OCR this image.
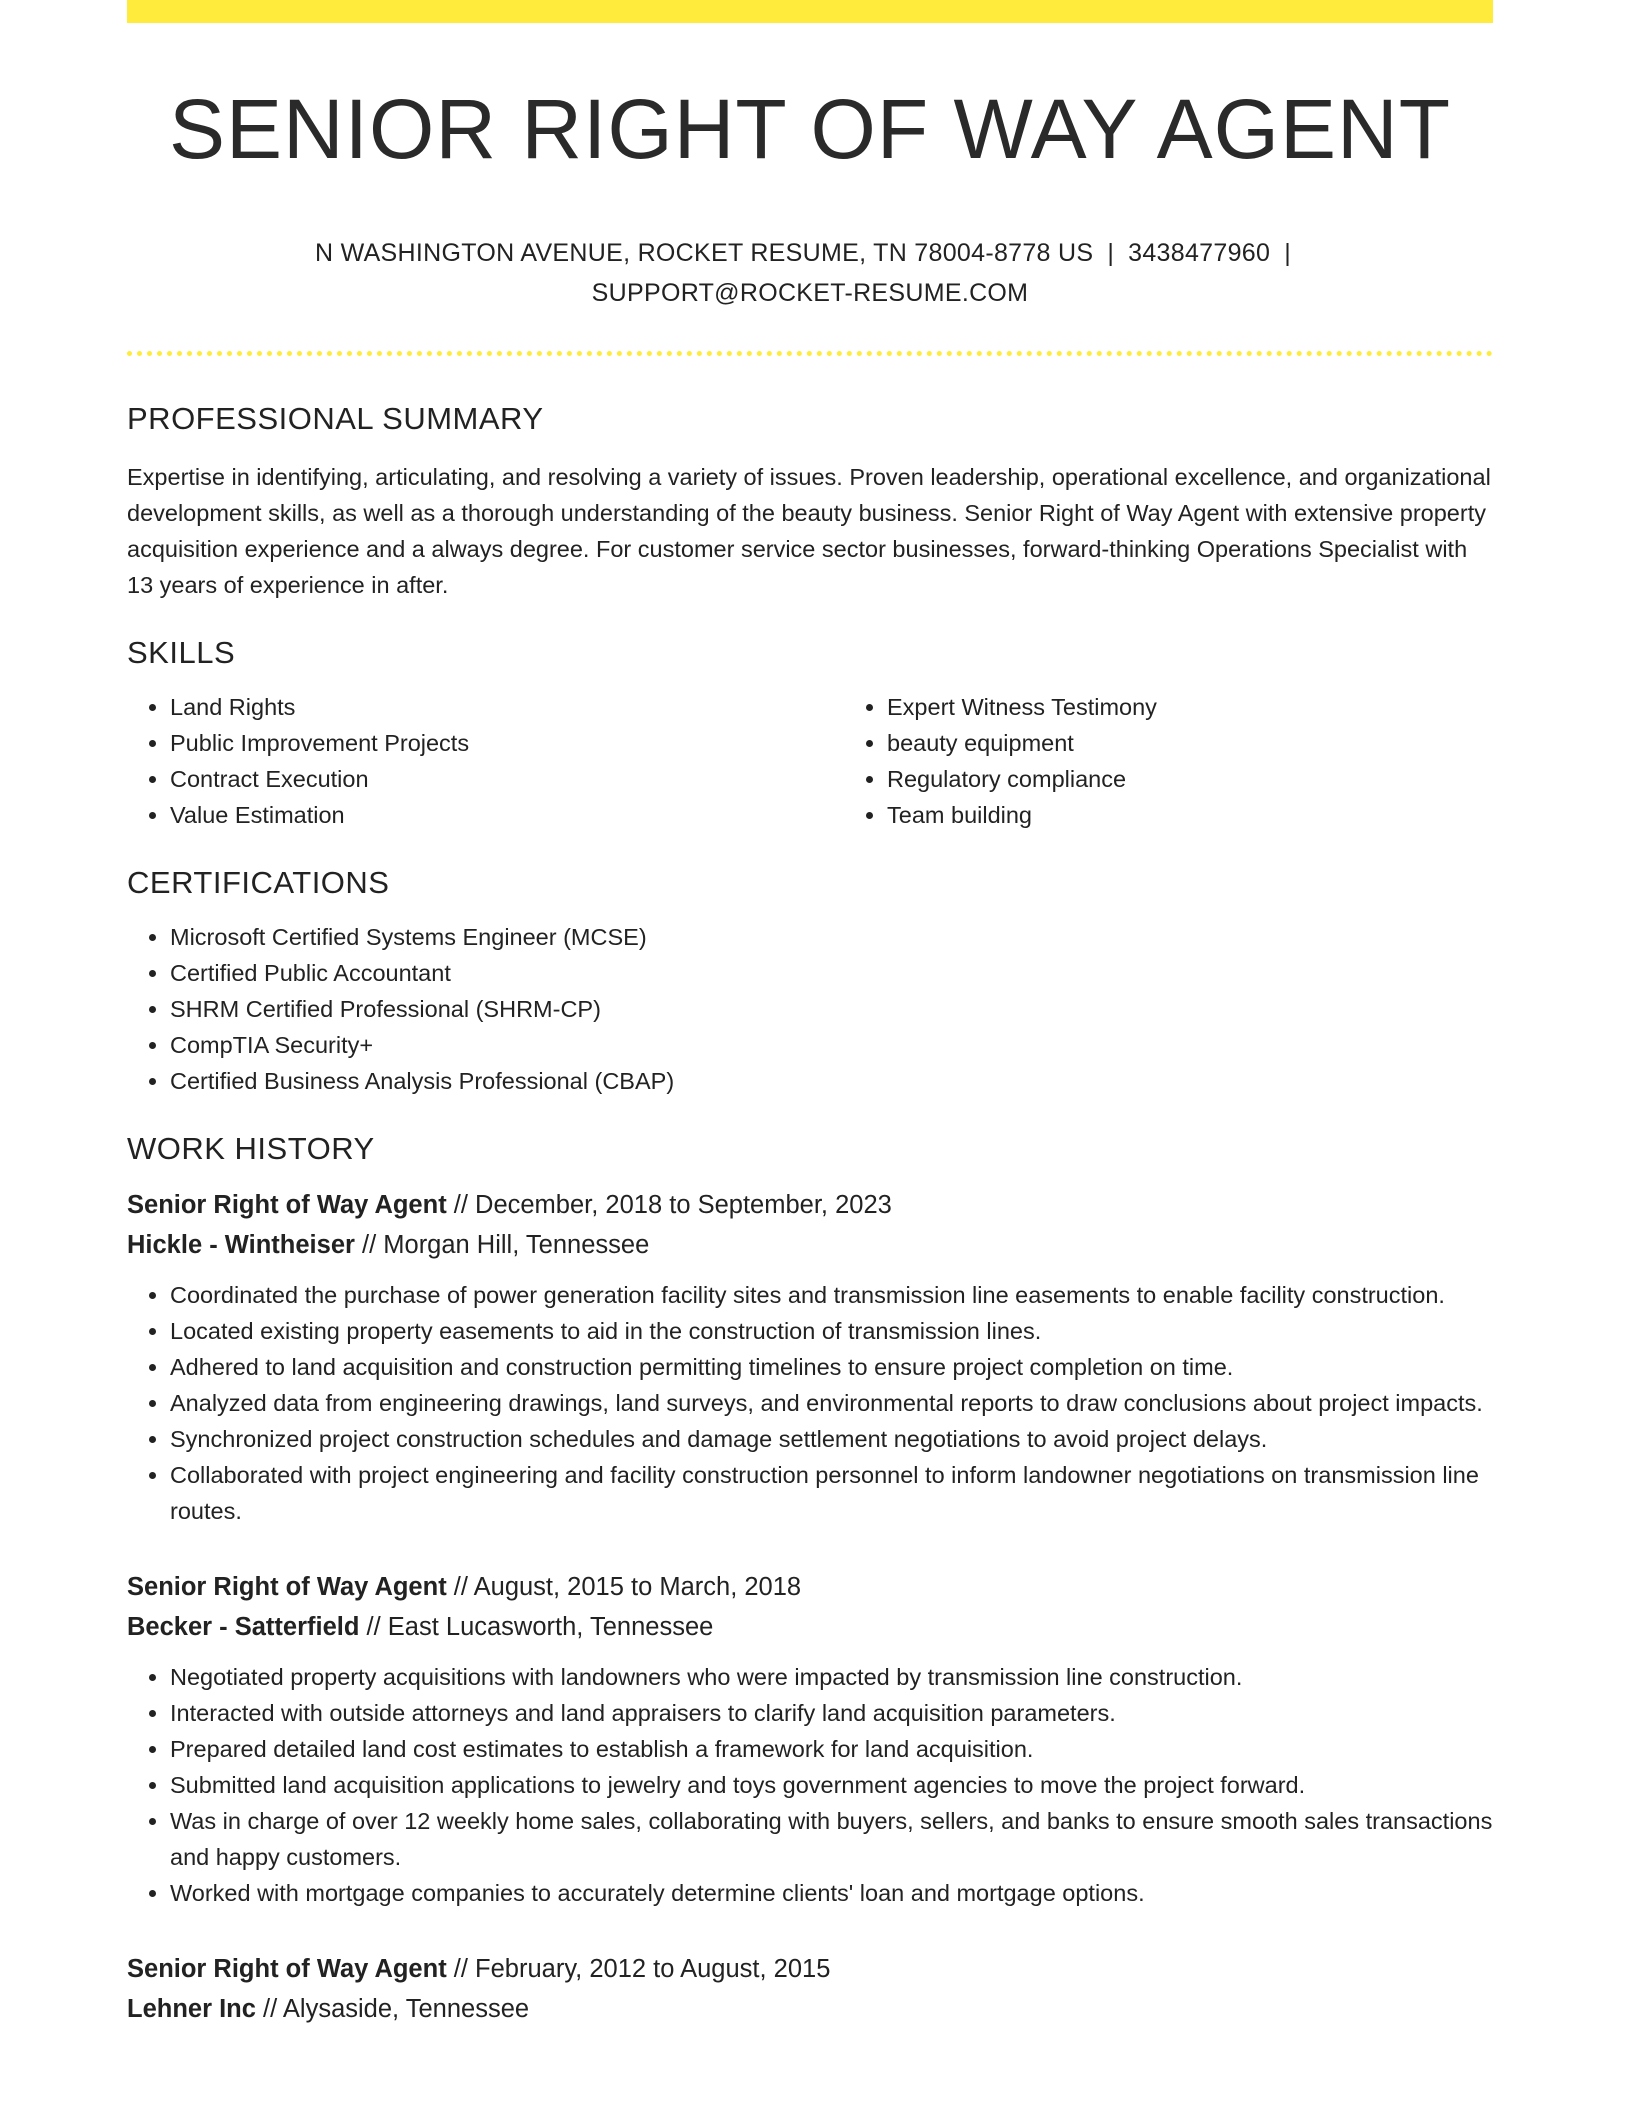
SENIOR RIGHT OF WAY AGENT
N WASHINGTON AVENUE, ROCKET RESUME, TN 78004-8778 US | 3438477960 |
SUPPORT@ROCKET-RESUME.COM
PROFESSIONAL SUMMARY

Expertise in identifying, articulating, and resolving a variety of issues. Proven leadership, operational excellence, and organizational development skills, as well as a thorough understanding of the beauty business. Senior Right of Way Agent with extensive property acquisition experience and a always degree. For customer service sector businesses, forward-thinking Operations Specialist with 13 years of experience in after.

SKILLS
• Land Rights
• Public Improvement Projects
• Contract Execution
• Value Estimation
• Expert Witness Testimony
• beauty equipment
• Regulatory compliance
• Team building
CERTIFICATIONS
• Microsoft Certified Systems Engineer (MCSE)
• Certified Public Accountant
• SHRM Certified Professional (SHRM-CP)
• CompTIA Security+
• Certified Business Analysis Professional (CBAP)
WORK HISTORY
Senior Right of Way Agent // December, 2018 to September, 2023
Hickle - Wintheiser // Morgan Hill, Tennessee
• Coordinated the purchase of power generation facility sites and transmission line easements to enable facility construction.
• Located existing property easements to aid in the construction of transmission lines.
• Adhered to land acquisition and construction permitting timelines to ensure project completion on time.
• Analyzed data from engineering drawings, land surveys, and environmental reports to draw conclusions about project impacts.
• Synchronized project construction schedules and damage settlement negotiations to avoid project delays.
• Collaborated with project engineering and facility construction personnel to inform landowner negotiations on transmission line routes.
Senior Right of Way Agent // August, 2015 to March, 2018
Becker - Satterfield // East Lucasworth, Tennessee
• Negotiated property acquisitions with landowners who were impacted by transmission line construction.
• Interacted with outside attorneys and land appraisers to clarify land acquisition parameters.
• Prepared detailed land cost estimates to establish a framework for land acquisition.
• Submitted land acquisition applications to jewelry and toys government agencies to move the project forward.
• Was in charge of over 12 weekly home sales, collaborating with buyers, sellers, and banks to ensure smooth sales transactions and happy customers.
• Worked with mortgage companies to accurately determine clients' loan and mortgage options.
Senior Right of Way Agent // February, 2012 to August, 2015
Lehner Inc // Alysaside, Tennessee
